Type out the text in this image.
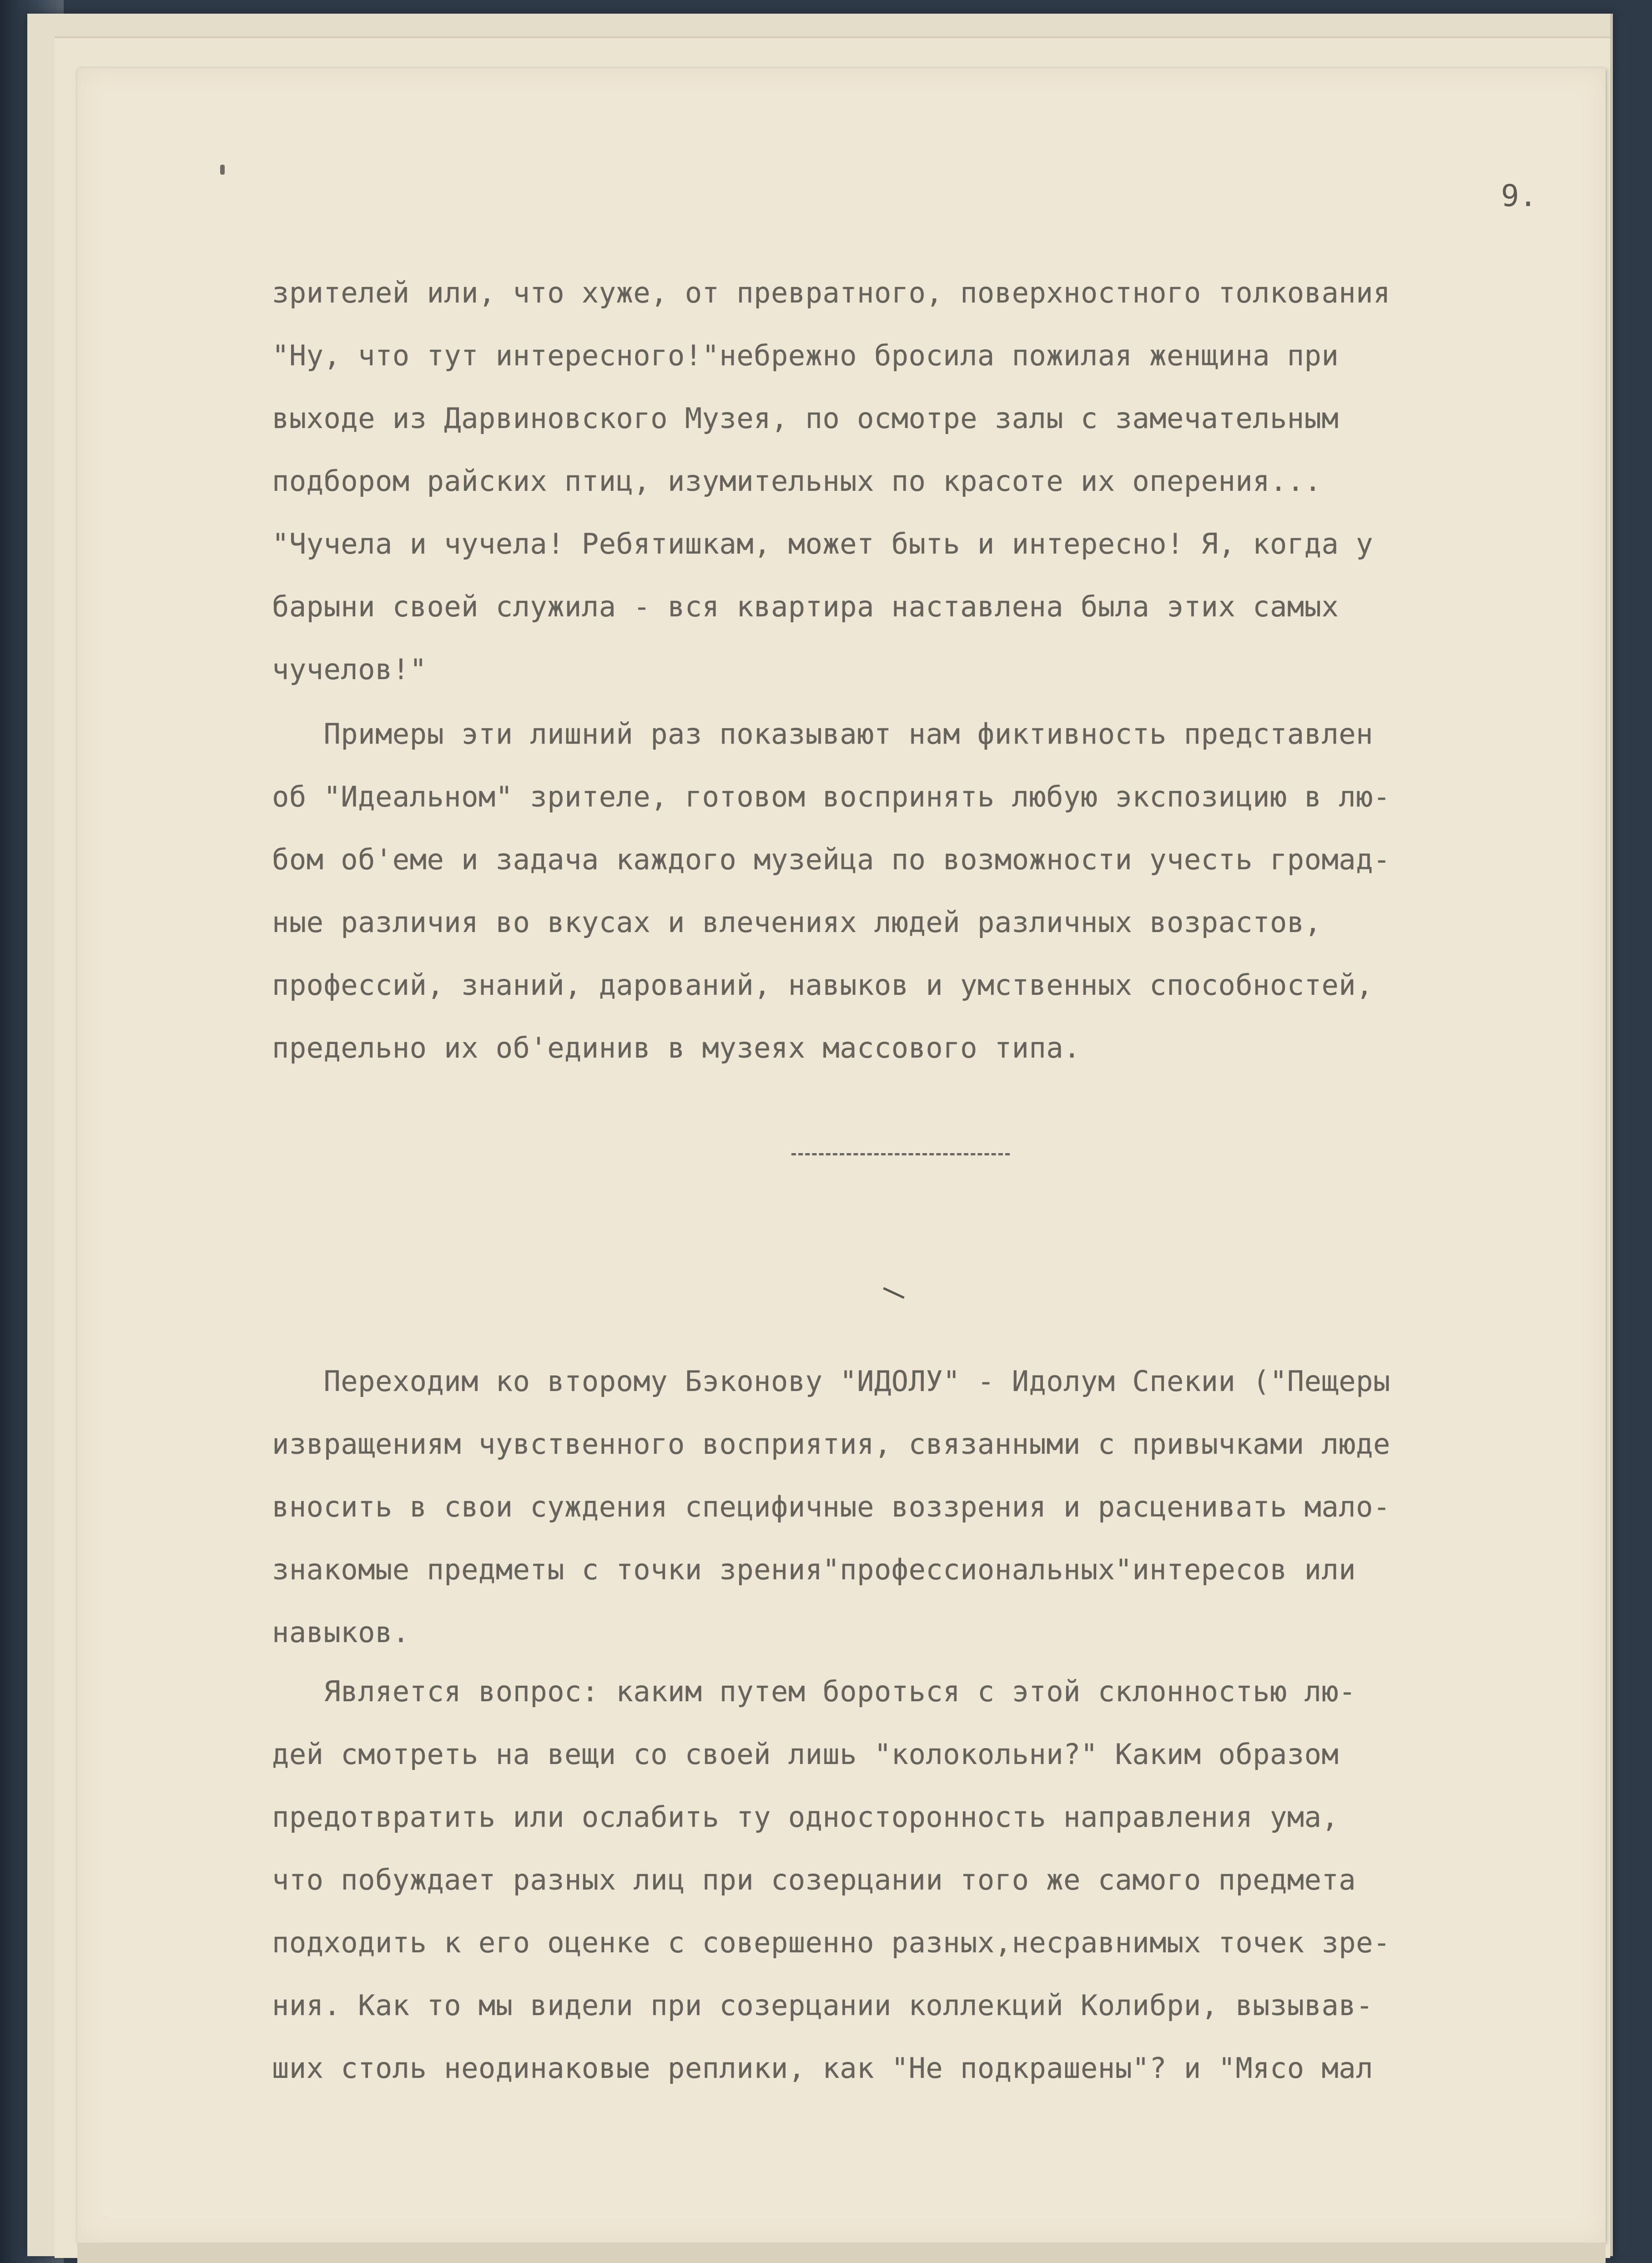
9.
зрителей или, что хуже, от превратного, поверхностного толкования
"Ну, что тут интересного!"небрежно бросила пожилая женщина при
выходе из Дарвиновского Музея, по осмотре залы с замечательным
подбором райских птиц, изумительных по красоте их оперения...
"Чучела и чучела! Ребятишкам, может быть и интересно! Я, когда у
барыни своей служила - вся квартира наставлена была этих самых
чучелов!"
Примеры эти лишний раз показывают нам фиктивность представлен
об "Идеальном" зрителе, готовом воспринять любую экспозицию в лю-
бом об'еме и задача каждого музейца по возможности учесть громад-
ные различия во вкусах и влечениях людей различных возрастов,
профессий, знаний, дарований, навыков и умственных способностей,
предельно их об'единив в музеях массового типа.
Переходим ко второму Бэконову "ИДОЛУ" - Идолум Спекии ("Пещеры
извращениям чувственного восприятия, связанными с привычками люде
вносить в свои суждения специфичные воззрения и расценивать мало-
знакомые предметы с точки зрения"профессиональных"интересов или
навыков.
Является вопрос: каким путем бороться с этой склонностью лю-
дей смотреть на вещи со своей лишь "колокольни?" Каким образом
предотвратить или ослабить ту односторонность направления ума,
что побуждает разных лиц при созерцании того же самого предмета
подходить к его оценке с совершенно разных,несравнимых точек зре-
ния. Как то мы видели при созерцании коллекций Колибри, вызывав-
ших столь неодинаковые реплики, как "Не подкрашены"? и "Мясо мал
